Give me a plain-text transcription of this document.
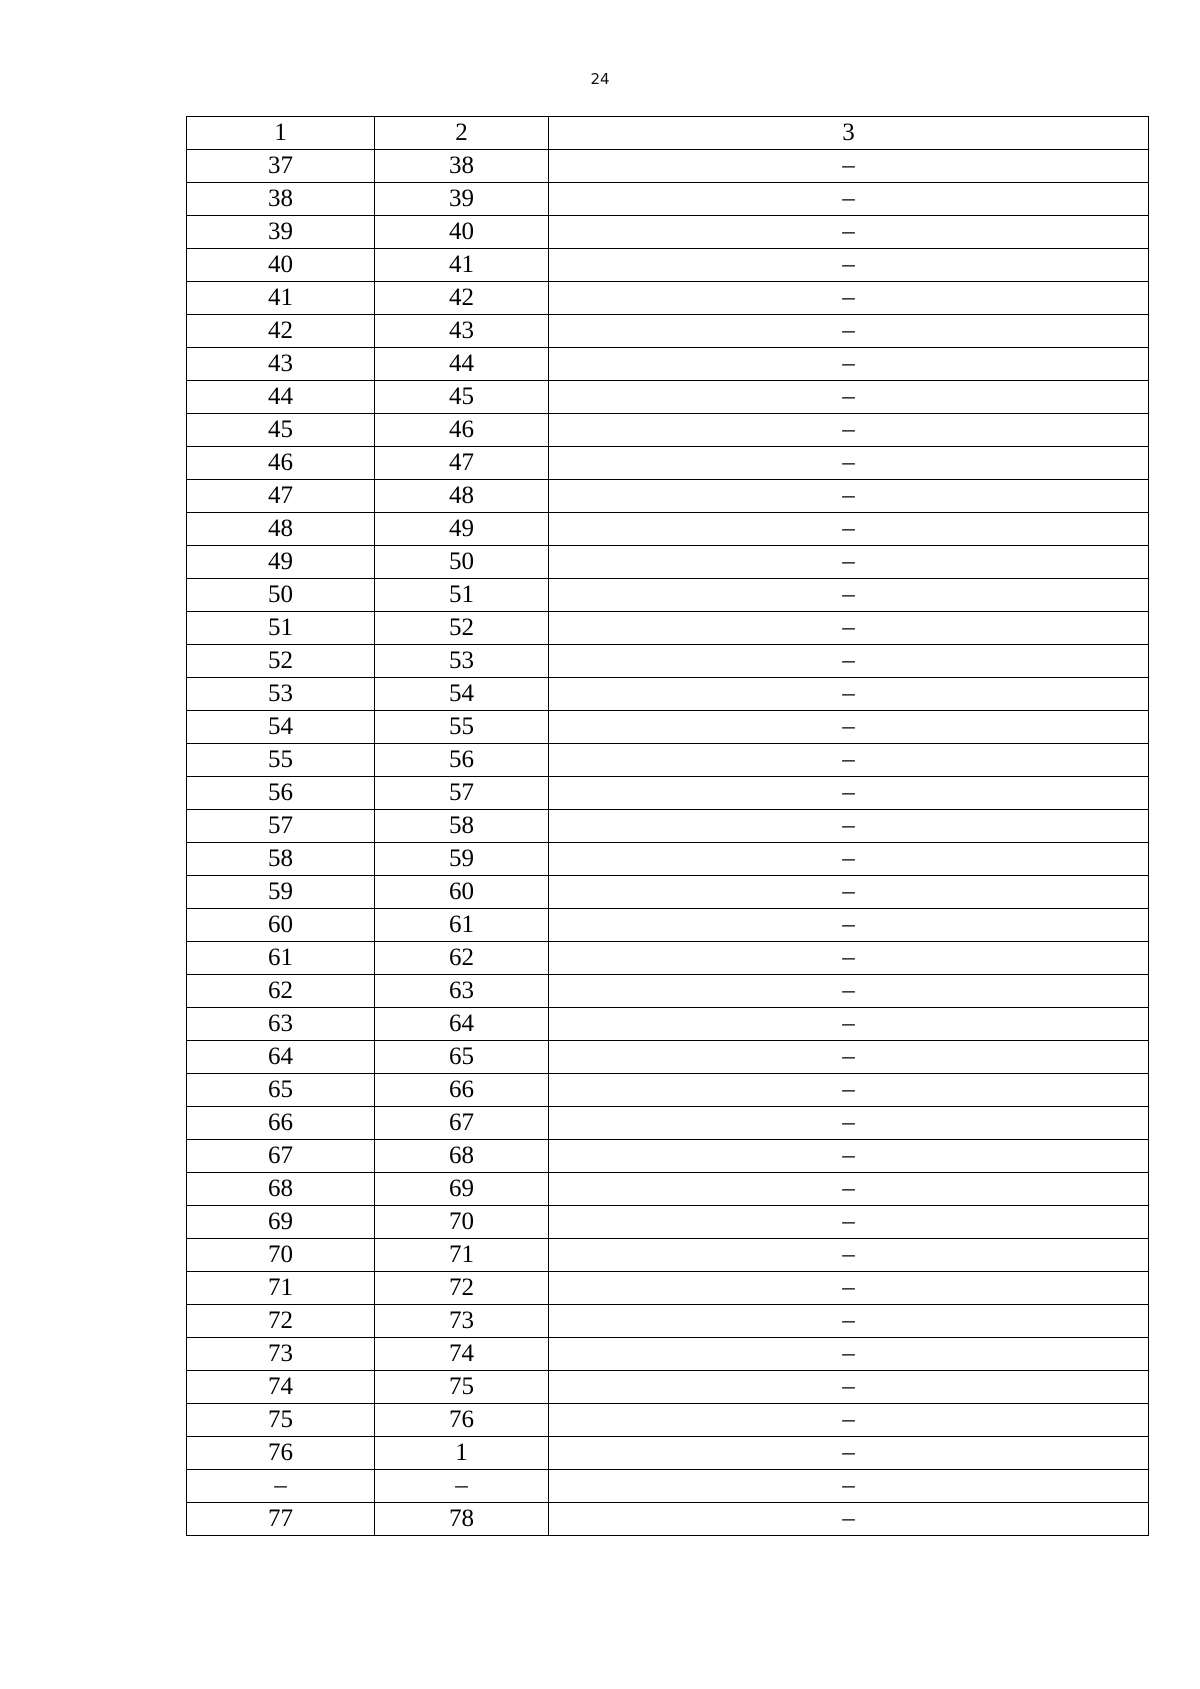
24
1	2	3
37	38	–
38	39	–
39	40	–
40	41	–
41	42	–
42	43	–
43	44	–
44	45	–
45	46	–
46	47	–
47	48	–
48	49	–
49	50	–
50	51	–
51	52	–
52	53	–
53	54	–
54	55	–
55	56	–
56	57	–
57	58	–
58	59	–
59	60	–
60	61	–
61	62	–
62	63	–
63	64	–
64	65	–
65	66	–
66	67	–
67	68	–
68	69	–
69	70	–
70	71	–
71	72	–
72	73	–
73	74	–
74	75	–
75	76	–
76	1	–
–	–	–
77	78	–
